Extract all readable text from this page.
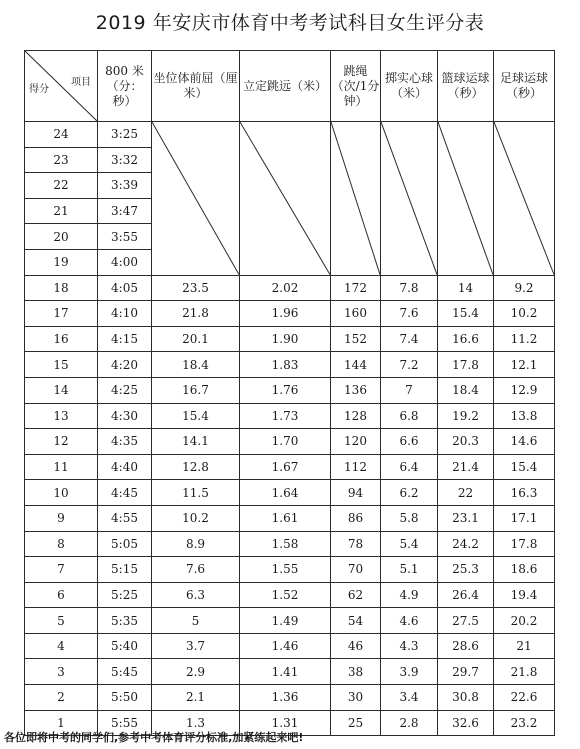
2019 年安庆市体育中考考试科目女生评分表
项目
得分	800 米（分：秒）	坐位体前屈（厘米）	立定跳远（米）	跳绳（次/1分钟）	掷实心球（米）	篮球运球（秒）	足球运球（秒）
24	3:25	

23	3:32						
22	3:39						
21	3:47						
20	3:55						
19	4:00						
18	4:05	23.5	2.02	172	7.8	14	9.2
17	4:10	21.8	1.96	160	7.6	15.4	10.2
16	4:15	20.1	1.90	152	7.4	16.6	11.2
15	4:20	18.4	1.83	144	7.2	17.8	12.1
14	4:25	16.7	1.76	136	7	18.4	12.9
13	4:30	15.4	1.73	128	6.8	19.2	13.8
12	4:35	14.1	1.70	120	6.6	20.3	14.6
11	4:40	12.8	1.67	112	6.4	21.4	15.4
10	4:45	11.5	1.64	94	6.2	22	16.3
9	4:55	10.2	1.61	86	5.8	23.1	17.1
8	5:05	8.9	1.58	78	5.4	24.2	17.8
7	5:15	7.6	1.55	70	5.1	25.3	18.6
6	5:25	6.3	1.52	62	4.9	26.4	19.4
5	5:35	5	1.49	54	4.6	27.5	20.2
4	5:40	3.7	1.46	46	4.3	28.6	21
3	5:45	2.9	1.41	38	3.9	29.7	21.8
2	5:50	2.1	1.36	30	3.4	30.8	22.6
1	5:55	1.3	1.31	25	2.8	32.6	23.2
各位即将中考的同学们,参考中考体育评分标准,加紧练起来吧!
